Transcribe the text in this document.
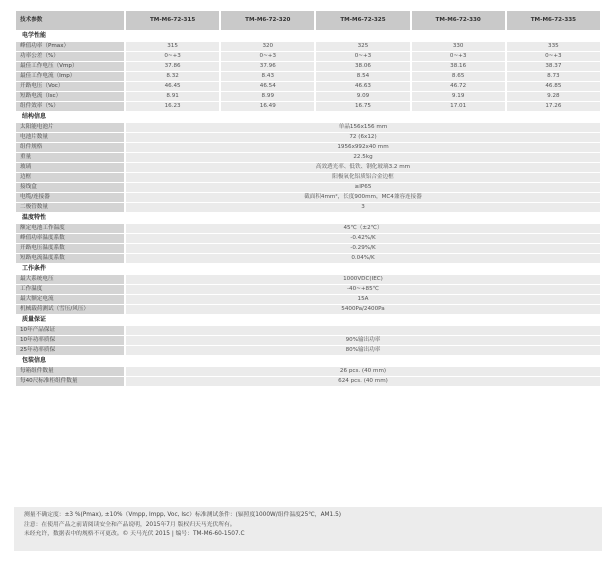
技术参数	TM-M6-72-315	TM-M6-72-320	TM-M6-72-325	TM-M6-72-330	TM-M6-72-335
电学性能					
峰值功率（Pmax）	315	320	325	330	335
功率公差（%）	0~+3	0~+3	0~+3	0~+3	0~+3
最佳工作电压（Vmp）	37.86	37.96	38.06	38.16	38.37
最佳工作电流（Imp）	8.32	8.43	8.54	8.65	8.73
开路电压（Voc）	46.45	46.54	46.63	46.72	46.85
短路电流（Isc）	8.91	8.99	9.09	9.19	9.28
组件效率（%）	16.23	16.49	16.75	17.01	17.26
结构信息					
太阳能电池片	单晶156x156 mm				
电池片数量	72 (6x12)				
组件规格	1956x992x40 mm				
重量	22.5kg				
玻璃	高效透光率、低铁、钢化玻璃3.2 mm				
边框	阳极氧化铝质铝合金边框				
接线盒	≥IP65				
电缆/连接器	截面积4mm²，长度900mm，MC4兼容连接器				
二极管数量	3				
温度特性					
额定电池工作温度	45℃（±2℃）				
峰值功率温度系数	-0.42%/K				
开路电压温度系数	-0.29%/K				
短路电流温度系数	0.04%/K				
工作条件					
最大系统电压	1000VDC(IEC)				
工作温度	-40~+85℃				
最大额定电流	15A				
机械载荷测试（雪压/风压）	5400Pa/2400Pa				
质量保证					
10年产品保证					
10年功率质保	90%输出功率				
25年功率质保	80%输出功率				
包装信息					
每箱组件数量	26 pcs. (40 mm)				
每40尺标准柜组件数量	624 pcs. (40 mm)				
测量不确定度：±3 %(Pmax), ±10%（Vmpp, Impp, Voc, Isc）标准测试条件：(辐照度1000W/组件温度25℃，AM1.5)
注意：在使用产品之前请阅读安全和产品说明，2015年7月 版权归天马光伏所有。
未经允许，数据表中的规格不可更改。© 天马光伏 2015 | 编号：TM-M6-60-1507.C
